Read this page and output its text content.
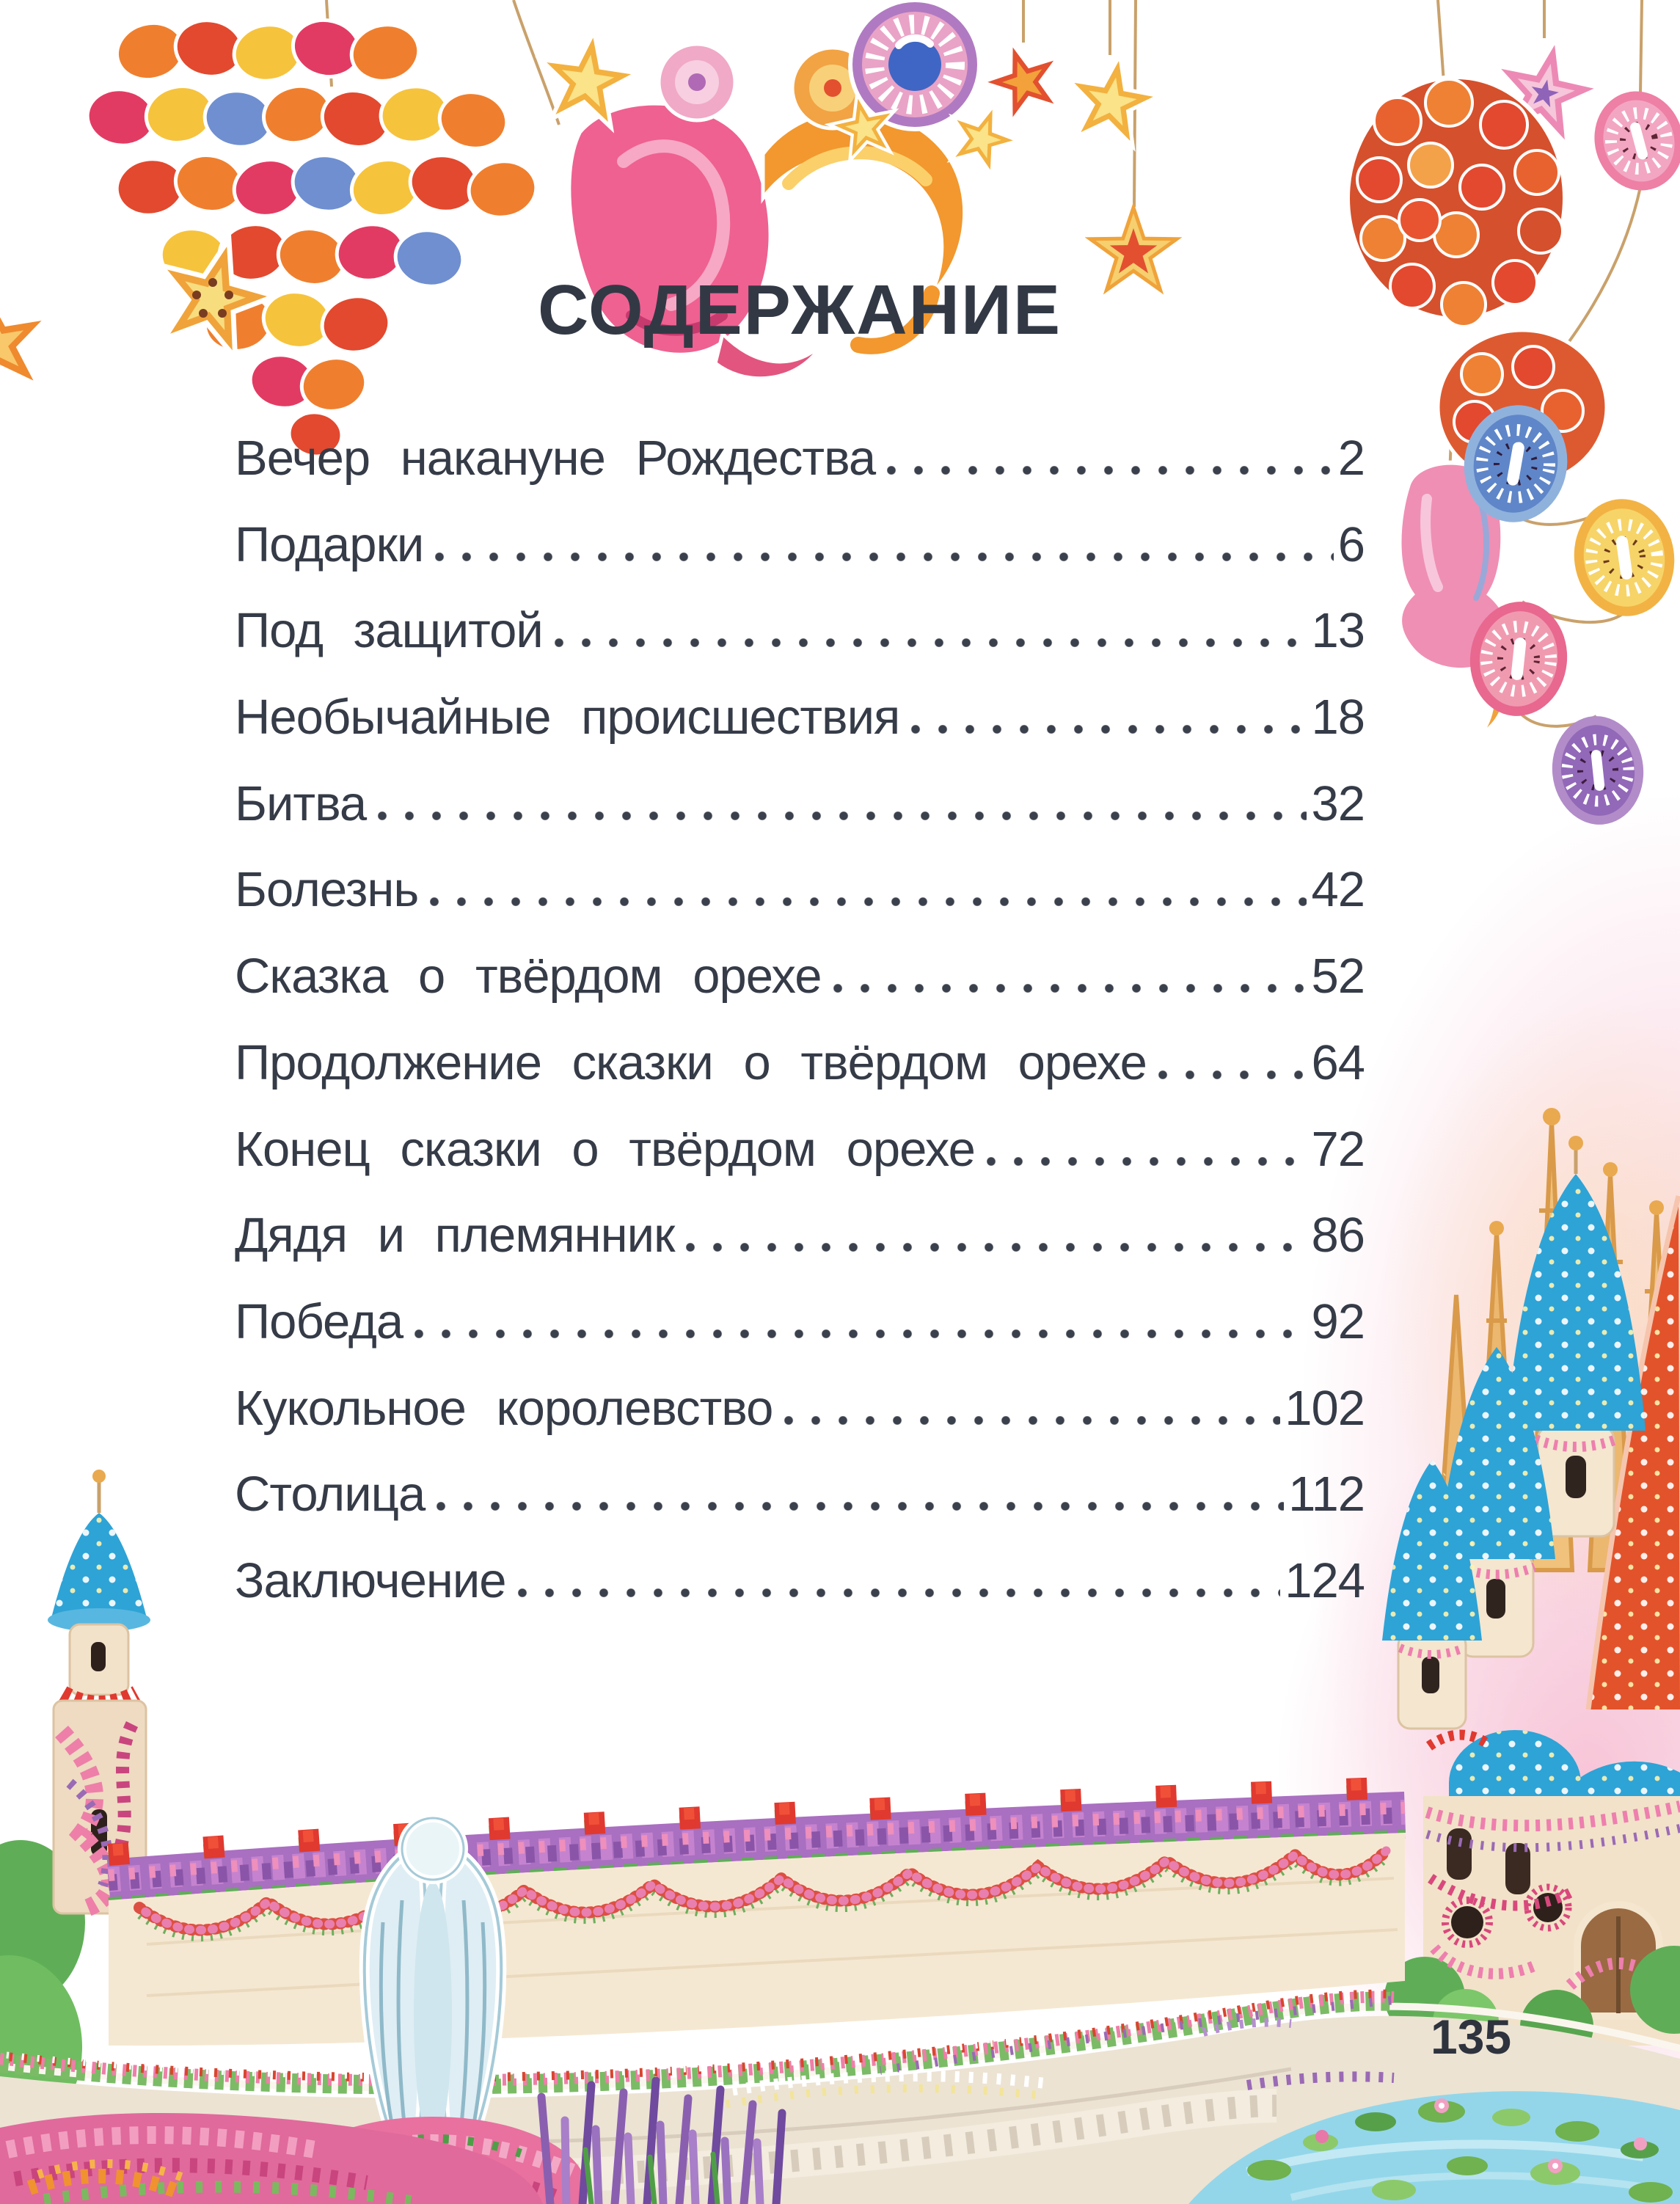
СОДЕРЖАНИЕ
Вечер накануне Рождества	2
Подарки	6
Под защитой	13
Необычайные происшествия	18
Битва	32
Болезнь	42
Сказка о твёрдом орехе	52
Продолжение сказки о твёрдом орехе	64
Конец сказки о твёрдом орехе	72
Дядя и племянник	86
Победа	92
Кукольное королевство	102
Столица	112
Заключение	124
135
